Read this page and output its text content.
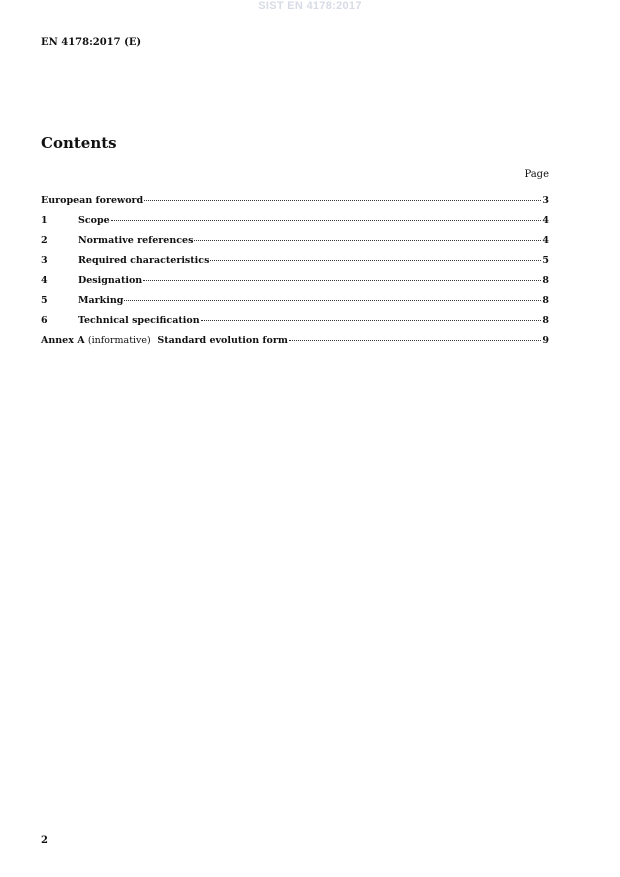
SIST EN 4178:2017
EN 4178:2017 (E)
Contents
Page
European foreword	3
1	Scope	4
2	Normative references	4
3	Required characteristics	5
4	Designation	8
5	Marking	8
6	Technical specification	8
Annex A (informative) Standard evolution form	9
2
